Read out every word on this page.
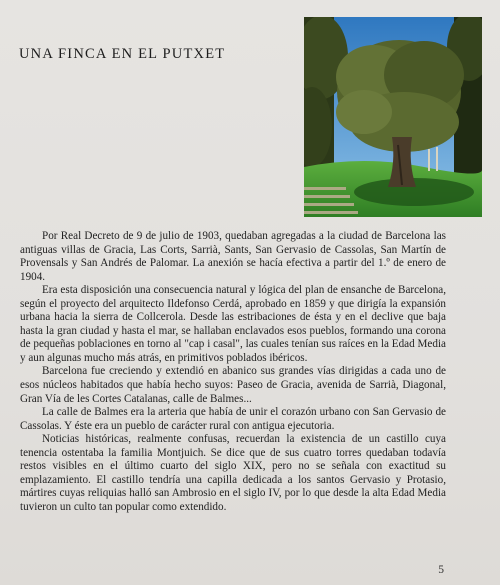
UNA FINCA EN EL PUTXET

Por Real Decreto de 9 de julio de 1903, quedaban agregadas a la ciudad de Barcelona las antiguas villas de Gracia, Las Corts, Sarrià, Sants, San Gervasio de Cassolas, San Martín de Provensals y San Andrés de Palomar. La anexión se hacía efectiva a partir del 1.º de enero de 1904.

Era esta disposición una consecuencia natural y lógica del plan de ensanche de Barcelona, según el proyecto del arquitecto Ildefonso Cerdá, aprobado en 1859 y que dirigía la expansión urbana hacia la sierra de Collcerola. Desde las estribaciones de ésta y en el declive que baja hasta la gran ciudad y hasta el mar, se hallaban enclavados esos pueblos, formando una corona de pequeñas poblaciones en torno al "cap i casal", las cuales tenían sus raíces en la Edad Media y aun algunas mucho más atrás, en primitivos poblados ibéricos.

Barcelona fue creciendo y extendió en abanico sus grandes vías dirigidas a cada uno de esos núcleos habitados que había hecho suyos: Paseo de Gracia, avenida de Sarrià, Diagonal, Gran Vía de les Cortes Catalanas, calle de Balmes...

La calle de Balmes era la arteria que había de unir el corazón urbano con San Gervasio de Cassolas. Y éste era un pueblo de carácter rural con antigua ejecutoria.

Noticias históricas, realmente confusas, recuerdan la existencia de un castillo cuya tenencia ostentaba la familia Montjuich. Se dice que de sus cuatro torres quedaban todavía restos visibles en el último cuarto del siglo XIX, pero no se señala con exactitud su emplazamiento. El castillo tendría una capilla dedicada a los santos Gervasio y Protasio, mártires cuyas reliquias halló san Ambrosio en el siglo IV, por lo que desde la alta Edad Media tuvieron un culto tan popular como extendido.

5
